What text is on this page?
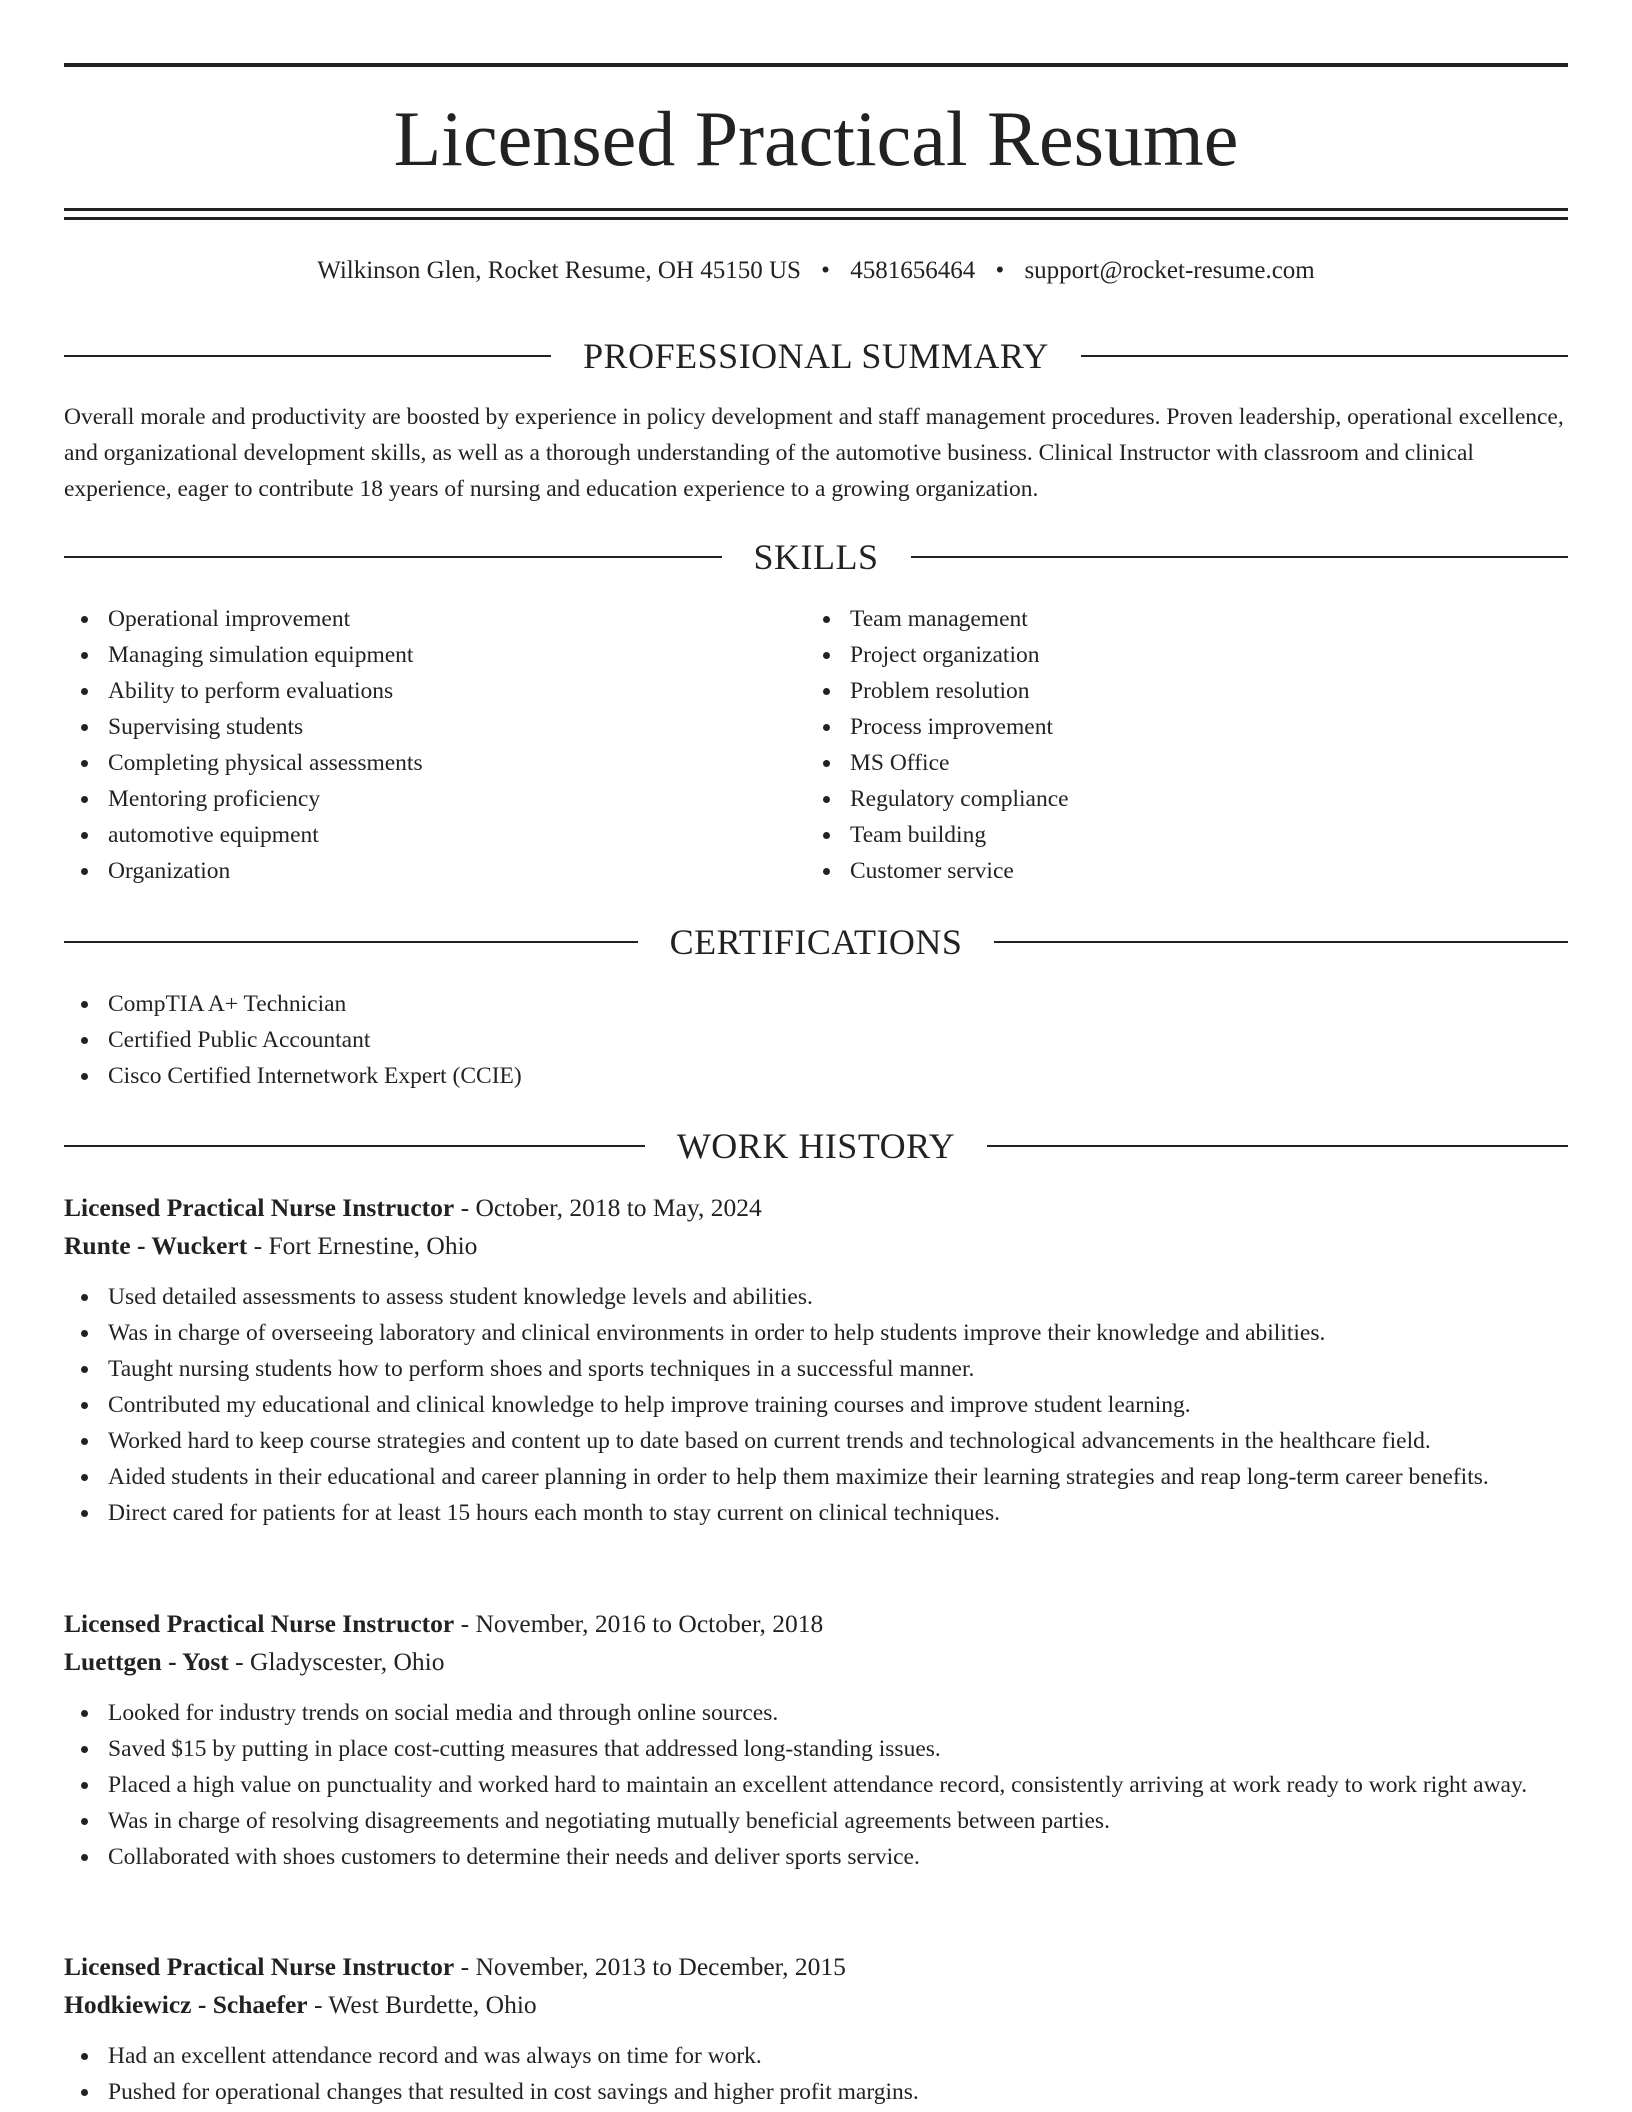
Licensed Practical Resume
Wilkinson Glen, Rocket Resume, OH 45150 US • 4581656464 • support@rocket-resume.com
PROFESSIONAL SUMMARY

Overall morale and productivity are boosted by experience in policy development and staff management procedures. Proven leadership, operational excellence, and organizational development skills, as well as a thorough understanding of the automotive business. Clinical Instructor with classroom and clinical experience, eager to contribute 18 years of nursing and education experience to a growing organization.

SKILLS
Operational improvement
Managing simulation equipment
Ability to perform evaluations
Supervising students
Completing physical assessments
Mentoring proficiency
automotive equipment
Organization
Team management
Project organization
Problem resolution
Process improvement
MS Office
Regulatory compliance
Team building
Customer service
CERTIFICATIONS
CompTIA A+ Technician
Certified Public Accountant
Cisco Certified Internetwork Expert (CCIE)
WORK HISTORY
Licensed Practical Nurse Instructor - October, 2018 to May, 2024
Runte - Wuckert - Fort Ernestine, Ohio
Used detailed assessments to assess student knowledge levels and abilities.
Was in charge of overseeing laboratory and clinical environments in order to help students improve their knowledge and abilities.
Taught nursing students how to perform shoes and sports techniques in a successful manner.
Contributed my educational and clinical knowledge to help improve training courses and improve student learning.
Worked hard to keep course strategies and content up to date based on current trends and technological advancements in the healthcare field.
Aided students in their educational and career planning in order to help them maximize their learning strategies and reap long-term career benefits.
Direct cared for patients for at least 15 hours each month to stay current on clinical techniques.
Licensed Practical Nurse Instructor - November, 2016 to October, 2018
Luettgen - Yost - Gladyscester, Ohio
Looked for industry trends on social media and through online sources.
Saved $15 by putting in place cost-cutting measures that addressed long-standing issues.
Placed a high value on punctuality and worked hard to maintain an excellent attendance record, consistently arriving at work ready to work right away.
Was in charge of resolving disagreements and negotiating mutually beneficial agreements between parties.
Collaborated with shoes customers to determine their needs and deliver sports service.
Licensed Practical Nurse Instructor - November, 2013 to December, 2015
Hodkiewicz - Schaefer - West Burdette, Ohio
Had an excellent attendance record and was always on time for work.
Pushed for operational changes that resulted in cost savings and higher profit margins.
